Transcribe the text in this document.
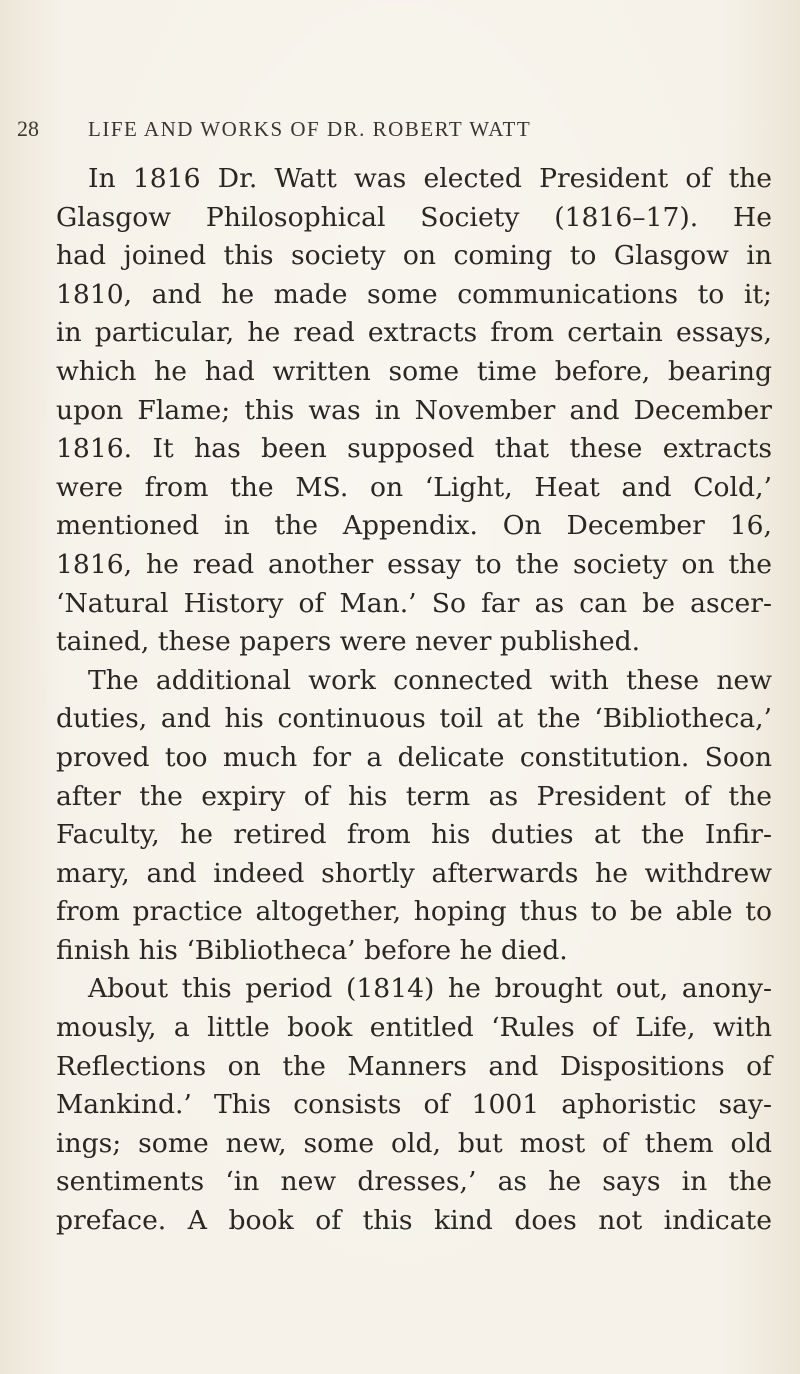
28 LIFE AND WORKS OF DR. ROBERT WATT
In 1816 Dr. Watt was elected President of the
Glasgow Philosophical Society (1816–17). He
had joined this society on coming to Glasgow in
1810, and he made some communications to it;
in particular, he read extracts from certain essays,
which he had written some time before, bearing
upon Flame; this was in November and December
1816. It has been supposed that these extracts
were from the MS. on ‘Light, Heat and Cold,’
mentioned in the Appendix. On December 16,
1816, he read another essay to the society on the
‘Natural History of Man.’ So far as can be ascer-
tained, these papers were never published.
The additional work connected with these new
duties, and his continuous toil at the ‘Bibliotheca,’
proved too much for a delicate constitution. Soon
after the expiry of his term as President of the
Faculty, he retired from his duties at the Infir-
mary, and indeed shortly afterwards he withdrew
from practice altogether, hoping thus to be able to
finish his ‘Bibliotheca’ before he died.
About this period (1814) he brought out, anony-
mously, a little book entitled ‘Rules of Life, with
Reflections on the Manners and Dispositions of
Mankind.’ This consists of 1001 aphoristic say-
ings; some new, some old, but most of them old
sentiments ‘in new dresses,’ as he says in the
preface. A book of this kind does not indicate
